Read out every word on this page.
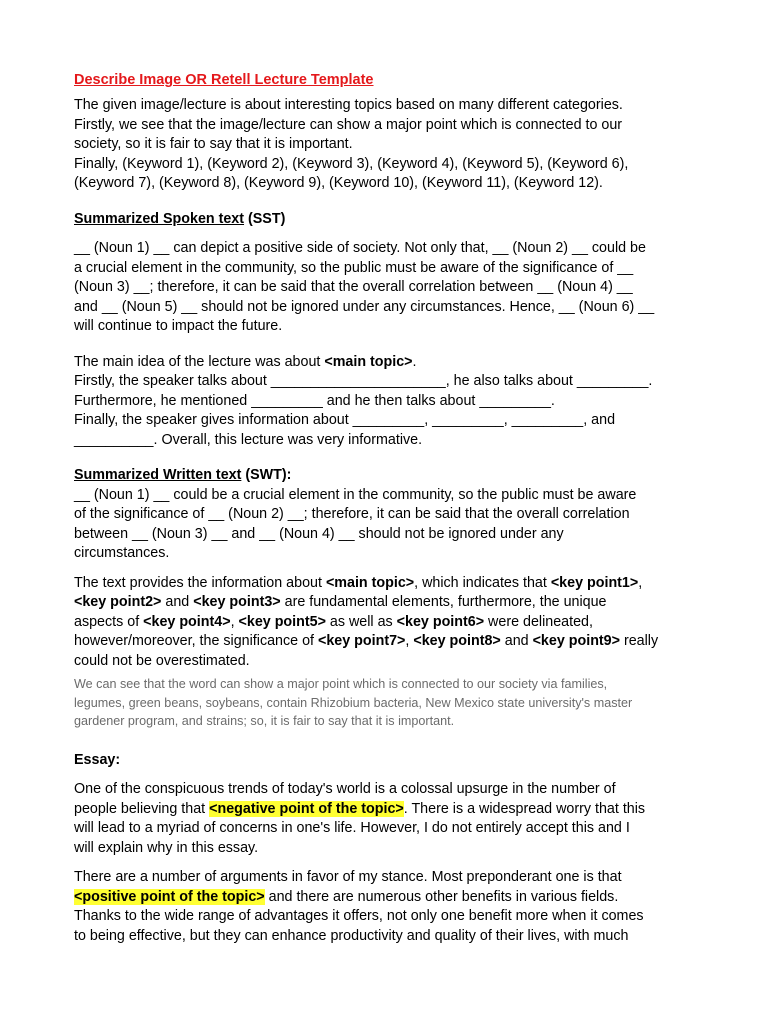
Describe Image OR Retell Lecture Template

The given image/lecture is about interesting topics based on many different categories.

Firstly, we see that the image/lecture can show a major point which is connected to our

society, so it is fair to say that it is important.

Finally, (Keyword 1), (Keyword 2), (Keyword 3), (Keyword 4), (Keyword 5), (Keyword 6),

(Keyword 7), (Keyword 8), (Keyword 9), (Keyword 10), (Keyword 11), (Keyword 12).

Summarized Spoken text (SST)

__ (Noun 1) __ can depict a positive side of society. Not only that, __ (Noun 2) __ could be

a crucial element in the community, so the public must be aware of the significance of __

(Noun 3) __; therefore, it can be said that the overall correlation between __ (Noun 4) __

and __ (Noun 5) __ should not be ignored under any circumstances. Hence, __ (Noun 6) __

will continue to impact the future.

The main idea of the lecture was about <main topic>.

Firstly, the speaker talks about ______________________, he also talks about _________.

Furthermore, he mentioned _________ and he then talks about _________.

Finally, the speaker gives information about _________, _________, _________, and

__________. Overall, this lecture was very informative.

Summarized Written text (SWT):

__ (Noun 1) __ could be a crucial element in the community, so the public must be aware

of the significance of __ (Noun 2) __; therefore, it can be said that the overall correlation

between __ (Noun 3) __ and __ (Noun 4) __ should not be ignored under any

circumstances.

The text provides the information about <main topic>, which indicates that <key point1>,

<key point2> and <key point3> are fundamental elements, furthermore, the unique

aspects of <key point4>, <key point5> as well as <key point6> were delineated,

however/moreover, the significance of <key point7>, <key point8> and <key point9> really

could not be overestimated.

We can see that the word can show a major point which is connected to our society via families,

legumes, green beans, soybeans, contain Rhizobium bacteria, New Mexico state university's master

gardener program, and strains; so, it is fair to say that it is important.

Essay:

One of the conspicuous trends of today's world is a colossal upsurge in the number of

people believing that <negative point of the topic>. There is a widespread worry that this

will lead to a myriad of concerns in one's life. However, I do not entirely accept this and I

will explain why in this essay.

There are a number of arguments in favor of my stance. Most preponderant one is that

<positive point of the topic> and there are numerous other benefits in various fields.

Thanks to the wide range of advantages it offers, not only one benefit more when it comes

to being effective, but they can enhance productivity and quality of their lives, with much
